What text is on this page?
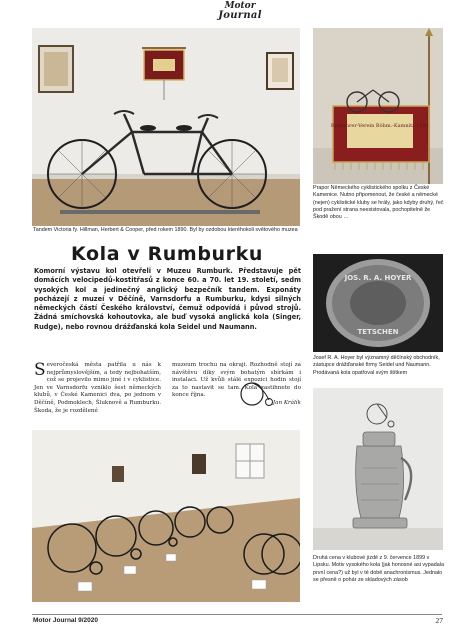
Motor
Journal
Tandem Victoria fy. Hillman, Herbert & Cooper, před rokem 1890. Byl by ozdobou kteréhokoli světového muzea
Radfahrer-Verein Böhm.-Kamnitz 1891
Prapor Německého cyklistického spolku z České Kamenice. Nutno připomenout, že české a německé (nejen) cyklistické kluby se hrály, jako kdyby druhý, řeč pod pražení strana neexistovala, pochopitelně že Škodě obou …
JOS. R. A. HOYER
TETSCHEN
Josef R. A. Hoyer byl významný děčínský obchodník, zástupce drážďanské firmy Seidel und Naumann. Prodávaná kola opatřoval svým štítkem
Kola v Rumburku
Komorní výstavu kol otevřeli v Muzeu Rumburk. Představuje pět domácích velocipedů-kostitřasů z konce 60. a 70. let 19. století, sedm vysokých kol a jedinečný anglický bezpečník tandem. Exponáty pocházejí z muzeí v Děčíně, Varnsdorfu a Rumburku, kdysi silných německých částí Českého království, čemuž odpovídá i původ strojů. Žádná smíchovská kohoutovka, ale buď vysoká anglická kola (Singer, Rudge), nebo rovnou drážďanská kola Seidel und Naumann.
Severočeská města patřila u nás k nejprůmyslovějším, a tedy nejbohatším, což se projevilo mimo jiné i v cyklistice. Jen ve Varnsdorfu vzniklo šest německých klubů, v České Kamenici dva, po jednom v Děčíně, Podmoklech, Šluknově a Rumburku. Škoda, že je rozdělené
muzeum trochu na okraji. Rozhodně stojí za návštěvu díky svým bohatým sbírkám i instalaci. Už kvůli stálé expozici hodin stojí za to nastavit se tam. Kola zastihnete do konce října.
Jan Králík
Druhá cena v klubové jízdě z 9. července 1899 v Lipsku. Motiv vysokého kola (jak honosné asi vypadala první cena?) už byl v té době anachronismus. Jednalo se přesně o pohár ze skladových zásob
Motor Journal 9/2020	27
